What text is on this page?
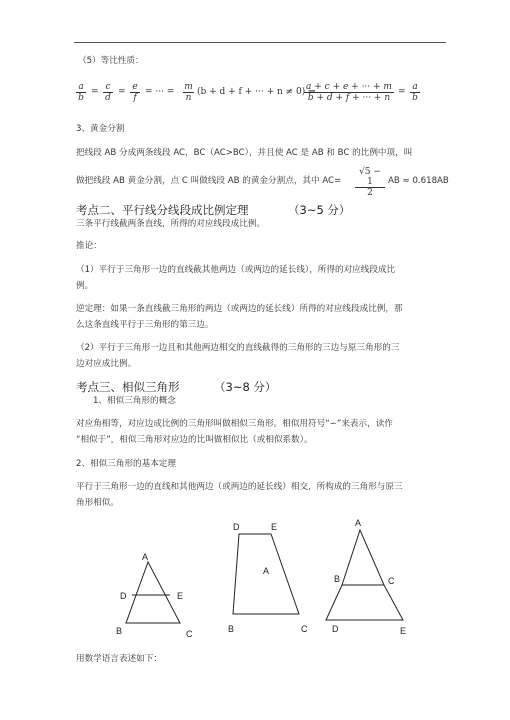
（5）等比性质：
$\frac{a}{b} = \frac{c}{d} = \frac{e}{f}$ = ··· = $\frac{m}{n} (b + d + f$ + ··· + n ≠ 0) ⇒
$\frac{a + c + e + \cdot\cdot\cdot + m}{b + d + f + \cdot\cdot\cdot + n} = \frac{a}{b}$
3、黄金分割
把线段 AB 分成两条线段 AC，BC（AC>BC），并且使 AC 是 AB 和 BC 的比例中项，叫
做把线段 AB 黄金分割，点 C 叫做线段 AB 的黄金分割点，其中 $AC= \frac{√5 - 1}{2}$ AB ≈ 0.618AB
考点二、平行线分线段成比例定理	（3~5 分）
三条平行线截两条直线，所得的对应线段成比例。
推论：
（1）平行于三角形一边的直线截其他两边（或两边的延长线），所得的对应线段成比
例。
逆定理：如果一条直线截三角形的两边（或两边的延长线）所得的对应线段成比例，那
么这条直线平行于三角形的第三边。
（2）平行于三角形一边且和其他两边相交的直线截得的三角形的三边与原三角形的三
边对应成比例。
考点三、相似三角形	（3~8 分）
1、相似三角形的概念
对应角相等，对应边成比例的三角形叫做相似三角形。相似用符号“∽”来表示，读作
“相似于”，相似三角形对应边的比叫做相似比（或相似系数）。
2、相似三角形的基本定理
平行于三角形一边的直线和其他两边（或两边的延长线）相交，所构成的三角形与原三
角形相似。
A
D	E
B	C
D	E
A
B	C
A
B	C
D	E
用数学语言表述如下：
